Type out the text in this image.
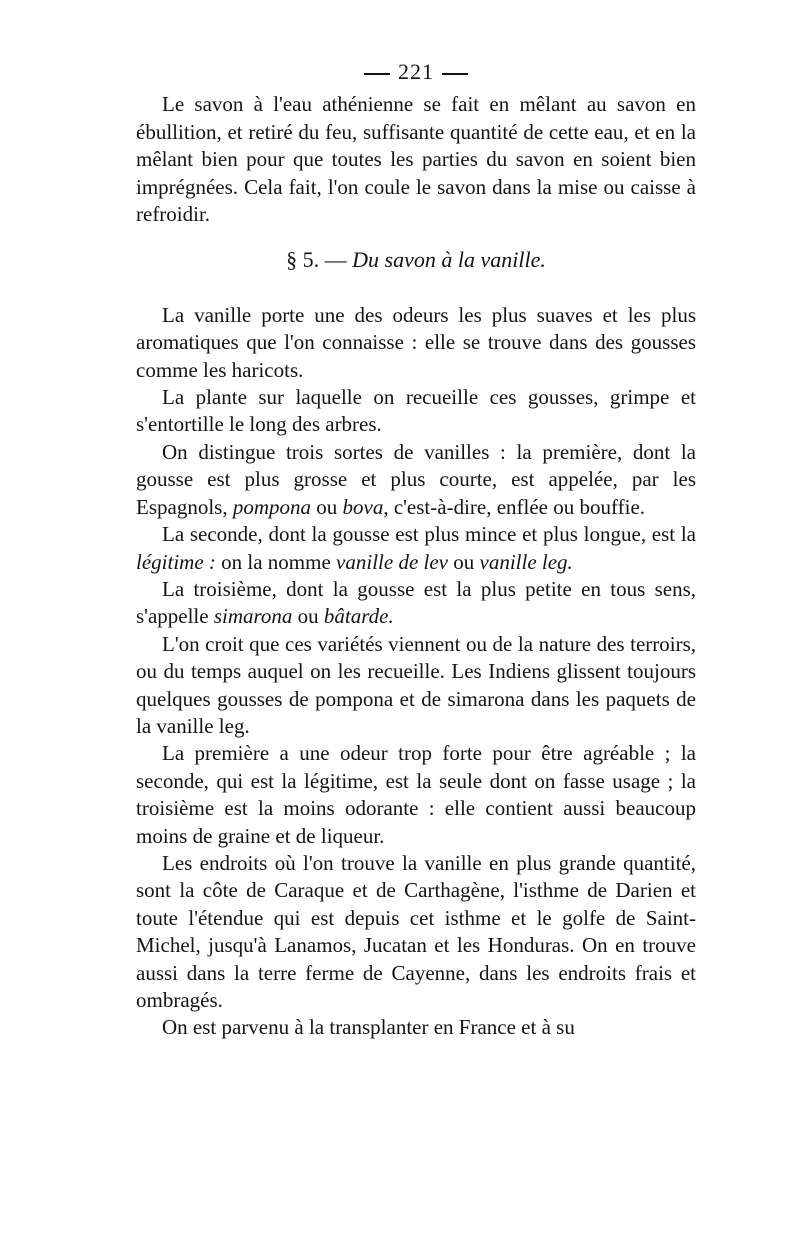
221

Le savon à l'eau athénienne se fait en mêlant au savon en ébullition, et retiré du feu, suffisante quantité de cette eau, et en la mêlant bien pour que toutes les parties du savon en soient bien imprégnées. Cela fait, l'on coule le savon dans la mise ou caisse à refroidir.

§ 5. — Du savon à la vanille.

La vanille porte une des odeurs les plus suaves et les plus aromatiques que l'on connaisse : elle se trouve dans des gousses comme les haricots.

La plante sur laquelle on recueille ces gousses, grimpe et s'entortille le long des arbres.

On distingue trois sortes de vanilles : la première, dont la gousse est plus grosse et plus courte, est appelée, par les Espagnols, pompona ou bova, c'est-à-dire, enflée ou bouffie.

La seconde, dont la gousse est plus mince et plus longue, est la légitime : on la nomme vanille de lev ou vanille leg.

La troisième, dont la gousse est la plus petite en tous sens, s'appelle simarona ou bâtarde.

L'on croit que ces variétés viennent ou de la nature des terroirs, ou du temps auquel on les recueille. Les Indiens glissent toujours quelques gousses de pompona et de simarona dans les paquets de la vanille leg.

La première a une odeur trop forte pour être agréable ; la seconde, qui est la légitime, est la seule dont on fasse usage ; la troisième est la moins odorante : elle contient aussi beaucoup moins de graine et de liqueur.

Les endroits où l'on trouve la vanille en plus grande quantité, sont la côte de Caraque et de Carthagène, l'isthme de Darien et toute l'étendue qui est depuis cet isthme et le golfe de Saint-Michel, jusqu'à Lanamos, Jucatan et les Honduras. On en trouve aussi dans la terre ferme de Cayenne, dans les endroits frais et ombragés.

On est parvenu à la transplanter en France et à su
